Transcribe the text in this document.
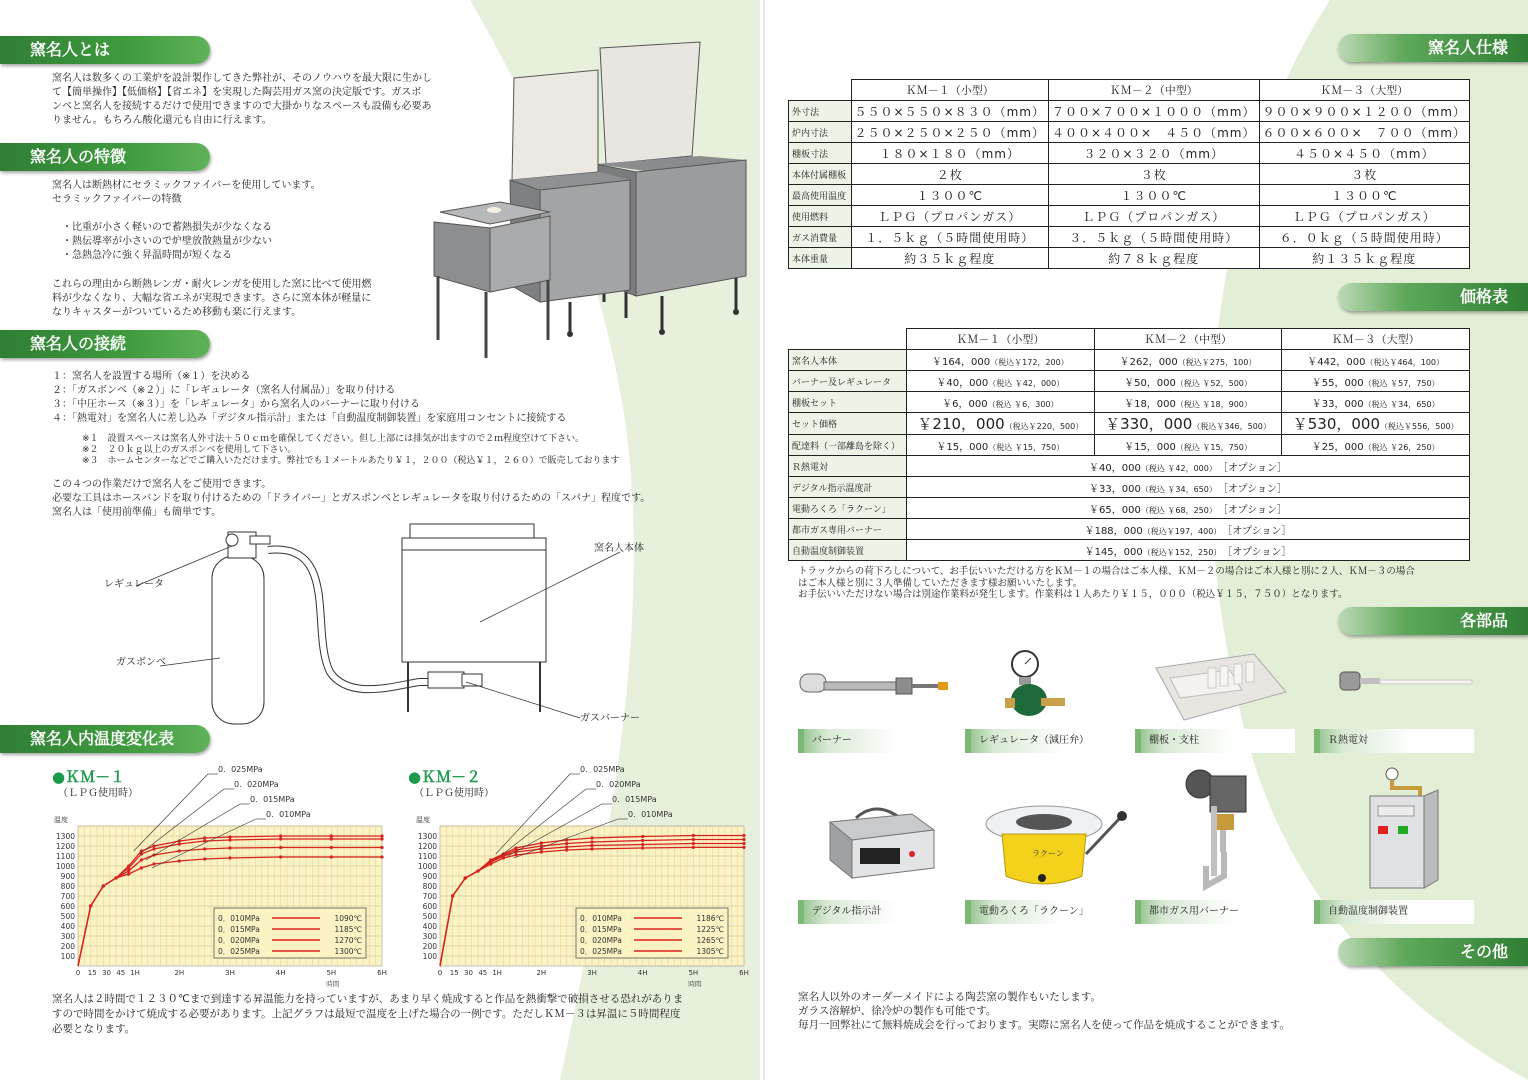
窯名人とは
窯名人は数多くの工業炉を設計製作してきた弊社が、そのノウハウを最大限に生かし
て【簡単操作】【低価格】【省エネ】を実現した陶芸用ガス窯の決定版です。ガスボ
ンベと窯名人を接続するだけで使用できますので大掛かりなスペースも設備も必要あ
りません。もちろん酸化還元も自由に行えます。
窯名人の特徴
窯名人は断熱材にセラミックファイバーを使用しています。
セラミックファイバーの特徴
・比重が小さく軽いので蓄熱損失が少なくなる
・熱伝導率が小さいので炉壁放散熱量が少ない
・急熱急冷に強く昇温時間が短くなる
これらの理由から断熱レンガ・耐火レンガを使用した窯に比べて使用燃
料が少なくなり、大幅な省エネが実現できます。さらに窯本体が軽量に
なりキャスターがついているため移動も楽に行えます。
窯名人の接続
１：窯名人を設置する場所（※１）を決める
２：「ガスボンベ（※２）」に「レギュレータ（窯名人付属品）」を取り付ける
３：「中圧ホース（※３）」を「レギュレータ」から窯名人のバーナーに取り付ける
４：「熱電対」を窯名人に差し込み「デジタル指示計」または「自動温度制御装置」を家庭用コンセントに接続する
※１　設置スペースは窯名人外寸法＋５０ｃｍを確保してください。但し上部には排気が出ますので２ｍ程度空けて下さい。
※２　２０ｋｇ以上のガスボンベを使用して下さい。
※３　ホームセンターなどでご購入いただけます。弊社でも１メートルあたり￥１，２００（税込￥１，２６０）で販売しております
この４つの作業だけで窯名人をご使用できます。
必要な工具はホースバンドを取り付けるための「ドライバー」とガスボンベとレギュレータを取り付けるための「スパナ」程度です。
窯名人は「使用前準備」も簡単です。
レギュレータ
ガスボンベ
窯名人本体
ガスバーナー
窯名人内温度変化表
●ＫＭ－１
（ＬＰＧ使用時）
●ＫＭ－２
（ＬＰＧ使用時）
温度
100
200
300
400
500
600
700
800
900
1000
1100
1200
1300
0 15 30 45 1H	2H	3H	4H	5H	6H
時間
0．025MPa
0．020MPa
0．015MPa
0．010MPa
0．010MPa	1090℃
0．015MPa	1185℃
0．020MPa	1270℃
0．025MPa	1300℃
温度
100
200
300
400
500
600
700
800
900
1000
1100
1200
1300
0 15 30 45 1H	2H	3H	4H	5H	6H
時間
0．025MPa
0．020MPa
0．015MPa
0．010MPa
0．010MPa	1186℃
0．015MPa	1225℃
0．020MPa	1265℃
0．025MPa	1305℃
窯名人は２時間で１２３０℃まで到達する昇温能力を持っていますが、あまり早く焼成すると作品を熱衝撃で破損させる恐れがありま
すので時間をかけて焼成する必要があります。上記グラフは最短で温度を上げた場合の一例です。ただしＫＭ－３は昇温に５時間程度
必要となります。
窯名人仕様
	ＫＭ－１（小型）	ＫＭ－２（中型）	ＫＭ－３（大型）
外寸法	５５０×５５０×８３０（mm）	７００×７００×１０００（mm）	９００×９００×１２００（mm）
炉内寸法	２５０×２５０×２５０（mm）	４００×４００×　４５０（mm）	６００×６００×　７００（mm）
棚板寸法	１８０×１８０（mm）	３２０×３２０（mm）	４５０×４５０（mm）
本体付属棚板	２枚	３枚	３枚
最高使用温度	１３００℃	１３００℃	１３００℃
使用燃料	ＬＰＧ（プロパンガス）	ＬＰＧ（プロパンガス）	ＬＰＧ（プロパンガス）
ガス消費量	１．５ｋｇ（５時間使用時）	３．５ｋｇ（５時間使用時）	６．０ｋｇ（５時間使用時）
本体重量	約３５ｋｇ程度	約７８ｋｇ程度	約１３５ｋｇ程度
価格表
	ＫＭ－１（小型）	ＫＭ－２（中型）	ＫＭ－３（大型）
窯名人本体	￥164，000（税込￥172，200）	￥262，000（税込￥275，100）	￥442，000（税込￥464，100）
バーナー及レギュレータ	￥40，000（税込 ￥42，000）	￥50，000（税込 ￥52，500）	￥55，000（税込 ￥57，750）
棚板セット	￥6，000（税込 ￥6，300）	￥18，000（税込 ￥18，900）	￥33，000（税込 ￥34，650）
セット価格	￥210，000（税込￥220，500）	￥330，000（税込￥346，500）	￥530，000（税込￥556，500）
配達料（一部離島を除く）	￥15，000（税込 ￥15，750）	￥15，000（税込 ￥15，750）	￥25，000（税込 ￥26，250）
Ｒ熱電対	￥40，000（税込 ￥42，000）　［オプション］		
デジタル指示温度計	￥33，000（税込 ￥34，650）　［オプション］		
電動ろくろ「ラクーン」	￥65，000（税込 ￥68，250）　［オプション］		
都市ガス専用バーナー	￥188，000（税込￥197，400）　［オプション］		
自動温度制御装置	￥145，000（税込￥152，250）　［オプション］		
トラックからの荷下ろしについて、お手伝いいただける方をＫＭ－１の場合はご本人様、ＫＭ－２の場合はご本人様と別に２人、ＫＭ－３の場合
はご本人様と別に３人準備していただきます様お願いいたします。
お手伝いいただけない場合は別途作業料が発生します。作業料は１人あたり￥１５，０００（税込￥１５，７５０）となります。
各部品
バーナー	レギュレータ（減圧弁）	棚板・支柱	Ｒ熱電対
ラクーン
デジタル指示計	電動ろくろ「ラクーン」	都市ガス用バーナー	自動温度制御装置
その他
窯名人以外のオーダーメイドによる陶芸窯の製作もいたします。
ガラス溶解炉、徐冷炉の製作も可能です。
毎月一回弊社にて無料焼成会を行っております。実際に窯名人を使って作品を焼成することができます。
